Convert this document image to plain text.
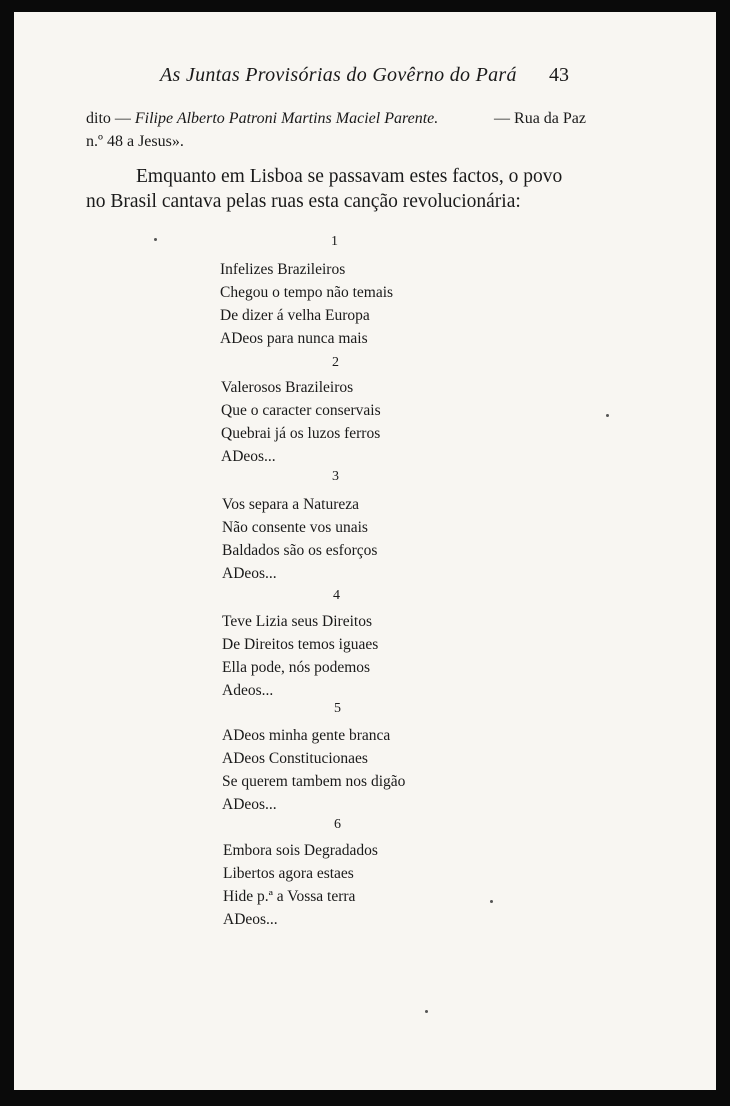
As Juntas Provisórias do Govêrno do Pará 43
dito — Filipe Alberto Patroni Martins Maciel Parente.	— Rua da Paz
n.º 48 a Jesus».
Emquanto em Lisboa se passavam estes factos, o povo
no Brasil cantava pelas ruas esta canção revolucionária:
1
Infelizes Brazileiros
Chegou o tempo não temais
De dizer á velha Europa
ADeos para nunca mais
2
Valerosos Brazileiros
Que o caracter conservais
Quebrai já os luzos ferros
ADeos...
3
Vos separa a Natureza
Não consente vos unais
Baldados são os esforços
ADeos...
4
Teve Lizia seus Direitos
De Direitos temos iguaes
Ella pode, nós podemos
Adeos...
5
ADeos minha gente branca
ADeos Constitucionaes
Se querem tambem nos digão
ADeos...
6
Embora sois Degradados
Libertos agora estaes
Hide p.ª a Vossa terra
ADeos...
